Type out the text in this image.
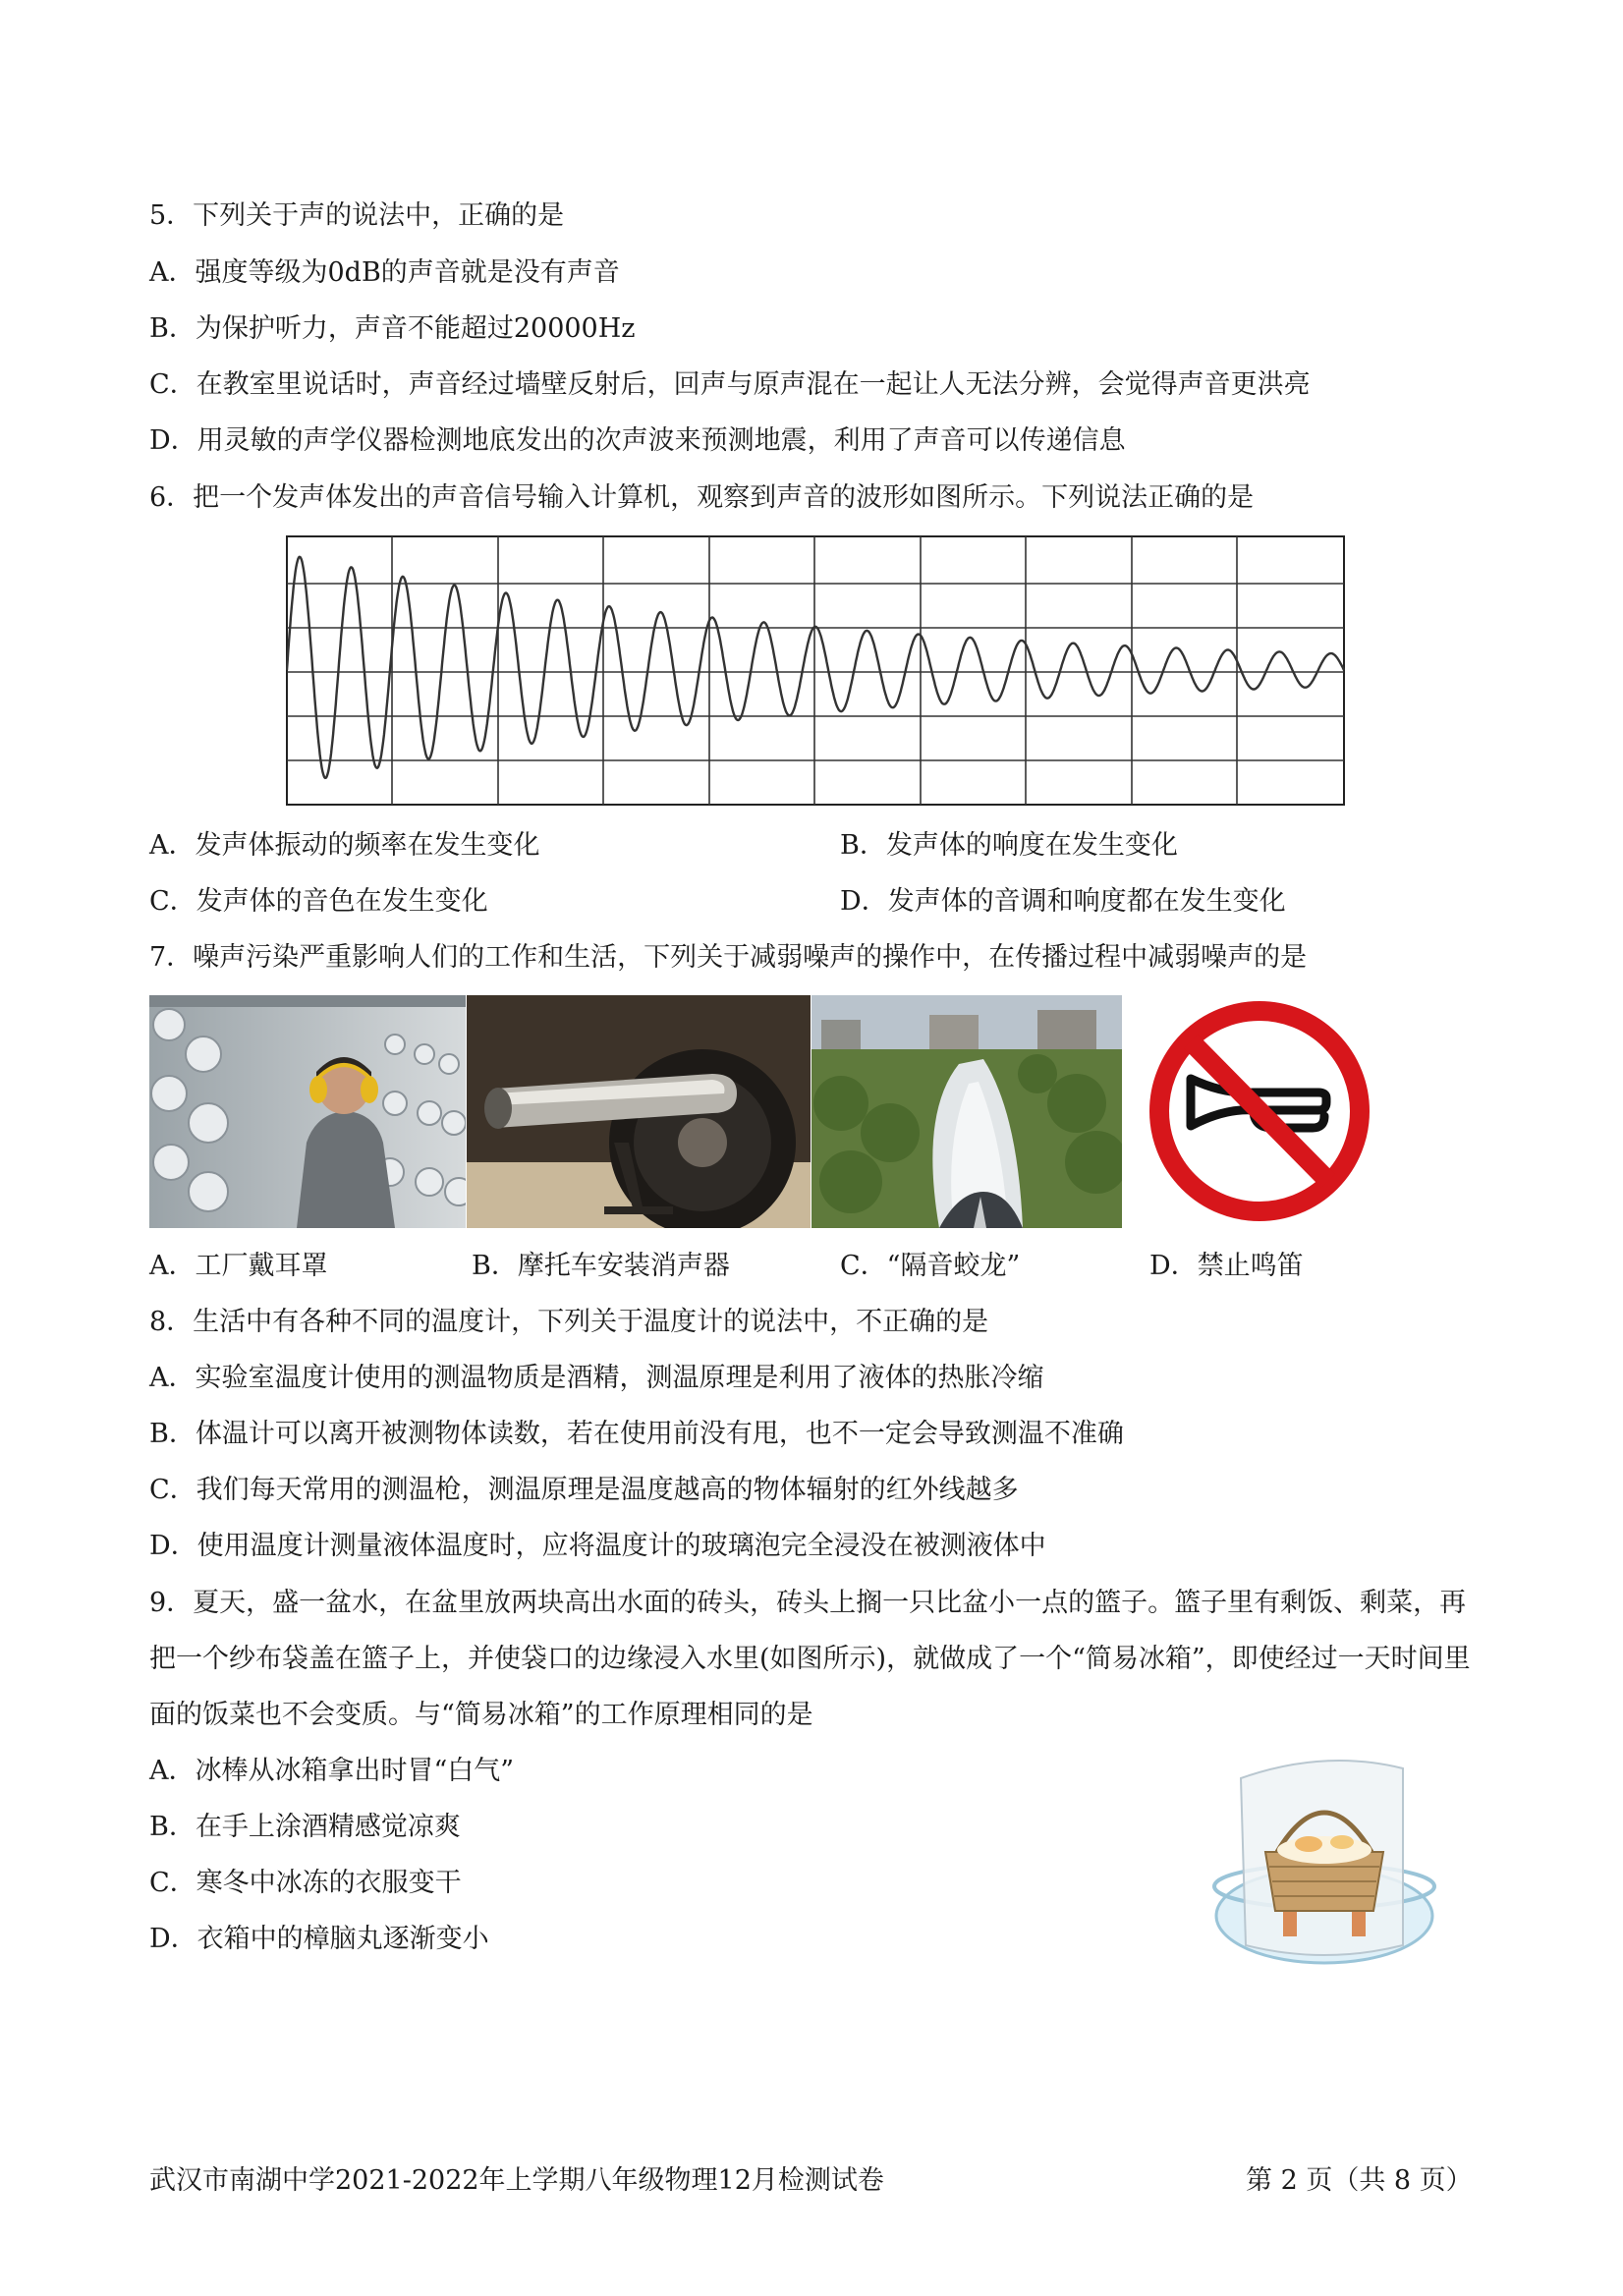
5．下列关于声的说法中，正确的是
A．强度等级为0dB的声音就是没有声音
B．为保护听力，声音不能超过20000Hz
C．在教室里说话时，声音经过墙壁反射后，回声与原声混在一起让人无法分辨，会觉得声音更洪亮
D．用灵敏的声学仪器检测地底发出的次声波来预测地震，利用了声音可以传递信息
6．把一个发声体发出的声音信号输入计算机，观察到声音的波形如图所示。下列说法正确的是
A．发声体振动的频率在发生变化	B．发声体的响度在发生变化
C．发声体的音色在发生变化	D．发声体的音调和响度都在发生变化
7．噪声污染严重影响人们的工作和生活，下列关于减弱噪声的操作中，在传播过程中减弱噪声的是
A．工厂戴耳罩	B．摩托车安装消声器	C．“隔音蛟龙”	D．禁止鸣笛
8．生活中有各种不同的温度计，下列关于温度计的说法中，不正确的是
A．实验室温度计使用的测温物质是酒精，测温原理是利用了液体的热胀冷缩
B．体温计可以离开被测物体读数，若在使用前没有甩，也不一定会导致测温不准确
C．我们每天常用的测温枪，测温原理是温度越高的物体辐射的红外线越多
D．使用温度计测量液体温度时，应将温度计的玻璃泡完全浸没在被测液体中
9．夏天，盛一盆水，在盆里放两块高出水面的砖头，砖头上搁一只比盆小一点的篮子。篮子里有剩饭、剩菜，再把一个纱布袋盖在篮子上，并使袋口的边缘浸入水里(如图所示)，就做成了一个“简易冰箱”，即使经过一天时间里面的饭菜也不会变质。与“简易冰箱”的工作原理相同的是
A．冰棒从冰箱拿出时冒“白气”
B．在手上涂酒精感觉凉爽
C．寒冬中冰冻的衣服变干
D．衣箱中的樟脑丸逐渐变小
武汉市南湖中学2021-2022年上学期八年级物理12月检测试卷	第 2 页（共 8 页）
